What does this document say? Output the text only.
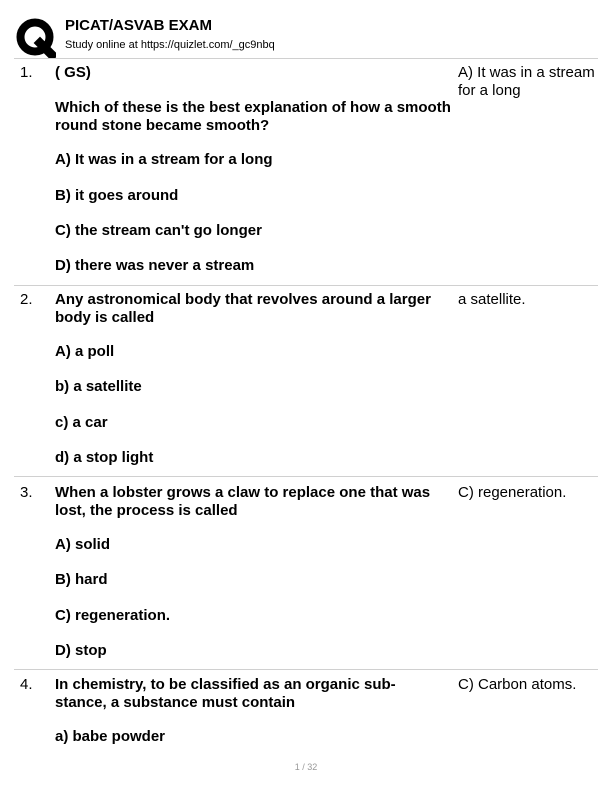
PICAT/ASVAB EXAM
Study online at https://quizlet.com/_gc9nbq
1. ( GS)
Which of these is the best explanation of how a smooth round stone became smooth?
A) It was in a stream for a long
B) it goes around
C) the stream can't go longer
D) there was never a stream
A) It was in a stream for a long
2. Any astronomical body that revolves around a larger body is called
A) a poll
b) a satellite
c) a car
d) a stop light
a satellite.
3. When a lobster grows a claw to replace one that was lost, the process is called
A) solid
B) hard
C) regeneration.
D) stop
C) regeneration.
4. In chemistry, to be classified as an organic sub-stance, a substance must contain
a) babe powder
C) Carbon atoms.
1 / 32
